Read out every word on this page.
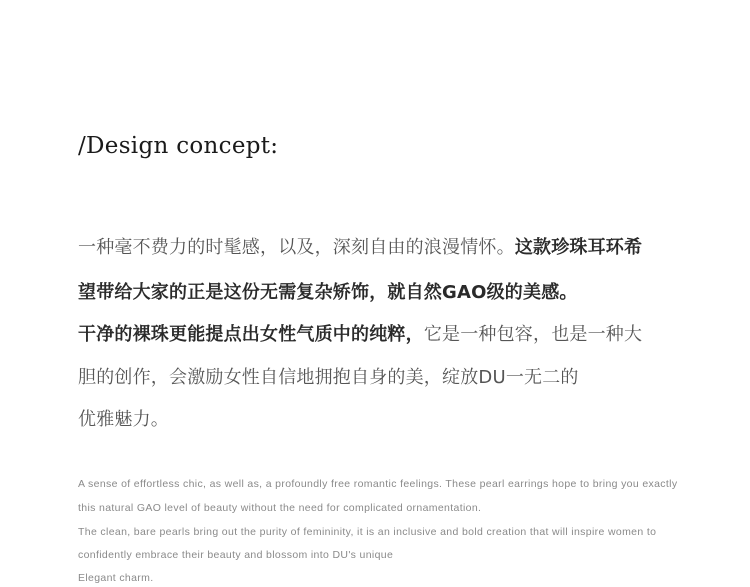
/Design concept:
一种毫不费力的时髦感，以及，深刻自由的浪漫情怀。这款珍珠耳环希
望带给大家的正是这份无需复杂矫饰，就自然GAO级的美感。
干净的裸珠更能提点出女性气质中的纯粹，它是一种包容，也是一种大
胆的创作，会激励女性自信地拥抱自身的美，绽放DU一无二的
优雅魅力。
A sense of effortless chic, as well as, a profoundly free romantic feelings. These pearl earrings hope to bring you exactly
this natural GAO level of beauty without the need for complicated ornamentation.
The clean, bare pearls bring out the purity of femininity, it is an inclusive and bold creation that will inspire women to
confidently embrace their beauty and blossom into DU's unique
Elegant charm.
